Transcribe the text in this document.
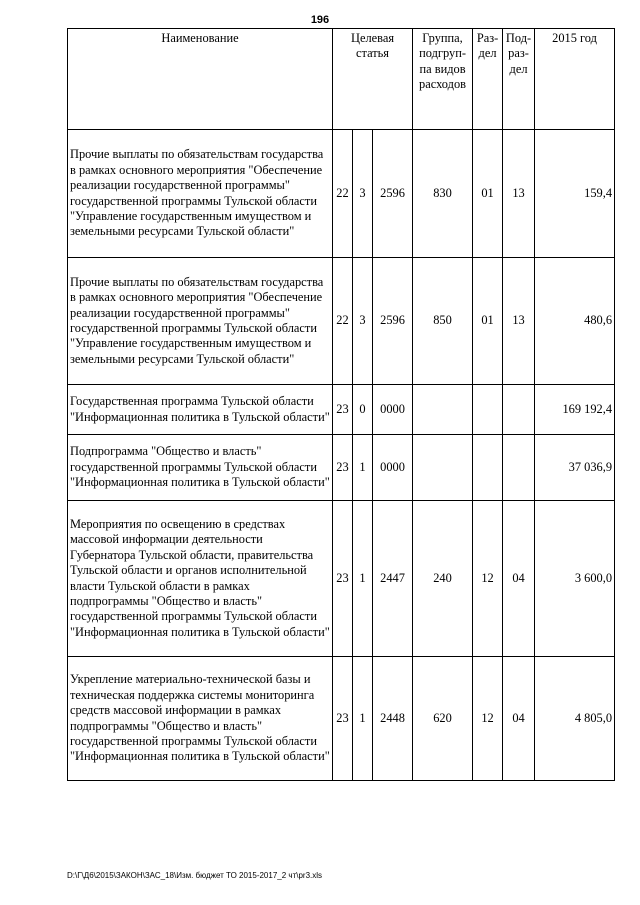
196
Наименование	Целевая статья			Группа, подгруп-па видов расходов	Раз-дел	Под-раз-дел	2015 год
Прочие выплаты по обязательствам государства в рамках основного мероприятия "Обеспечение реализации государственной программы" государственной программы Тульской области "Управление государственным имуществом и земельными ресурсами Тульской области"	22	3	2596	830	01	13	159,4
Прочие выплаты по обязательствам государства в рамках основного мероприятия "Обеспечение реализации государственной программы" государственной программы Тульской области "Управление государственным имуществом и земельными ресурсами Тульской области"	22	3	2596	850	01	13	480,6
Государственная программа Тульской области "Информационная политика в Тульской области"	23	0	0000				169 192,4
Подпрограмма "Общество и власть" государственной программы Тульской области "Информационная политика в Тульской области"	23	1	0000				37 036,9
Мероприятия по освещению в средствах массовой информации деятельности Губернатора Тульской области, правительства Тульской области и органов исполнительной власти Тульской области в рамках подпрограммы "Общество и власть" государственной программы Тульской области "Информационная политика в Тульской области"	23	1	2447	240	12	04	3 600,0
Укрепление материально-технической базы и техническая поддержка системы мониторинга средств массовой информации в рамках подпрограммы "Общество и власть" государственной программы Тульской области "Информационная политика в Тульской области"	23	1	2448	620	12	04	4 805,0
D:\Г\Д6\2015\ЗАКОН\ЗАС_18\Изм. бюджет ТО 2015-2017_2 чт\рr3.xls
